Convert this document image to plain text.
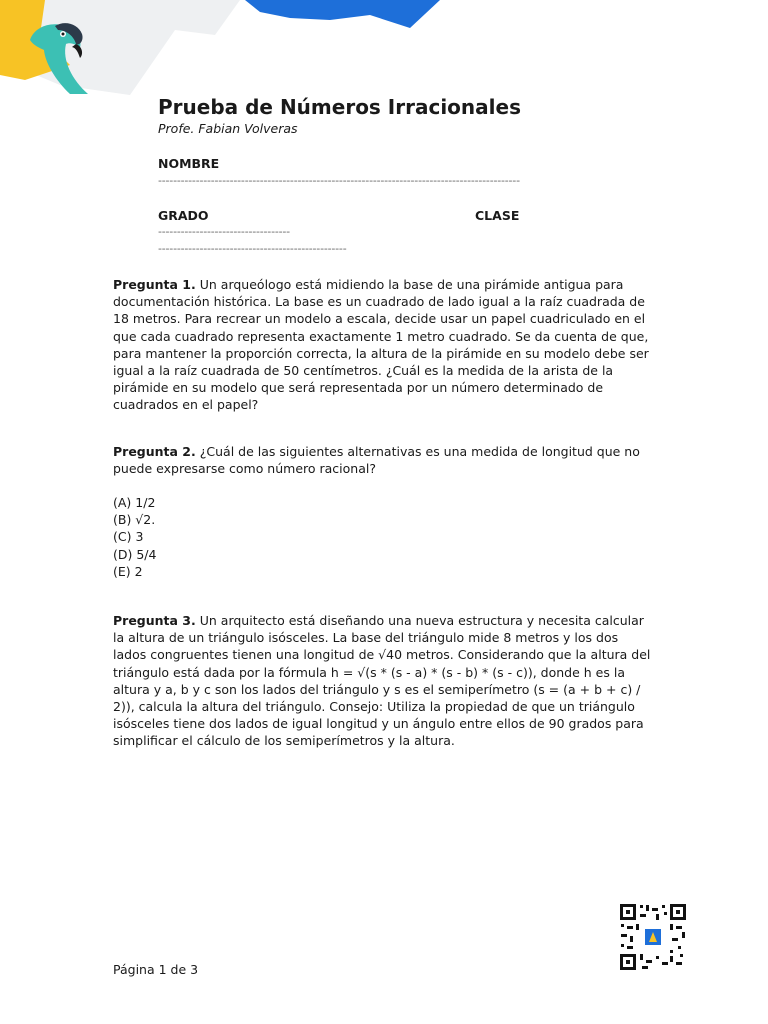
Prueba de Números Irracionales
Profe. Fabian Volveras
NOMBRE
------------------------------------------------------------------------------------------------
GRADO	CLASE
-----------------------------------
--------------------------------------------------
Pregunta 1. Un arqueólogo está midiendo la base de una pirámide antigua para documentación histórica. La base es un cuadrado de lado igual a la raíz cuadrada de 18 metros. Para recrear un modelo a escala, decide usar un papel cuadriculado en el que cada cuadrado representa exactamente 1 metro cuadrado. Se da cuenta de que, para mantener la proporción correcta, la altura de la pirámide en su modelo debe ser igual a la raíz cuadrada de 50 centímetros. ¿Cuál es la medida de la arista de la pirámide en su modelo que será representada por un número determinado de cuadrados en el papel?
Pregunta 2. ¿Cuál de las siguientes alternativas es una medida de longitud que no puede expresarse como número racional?
(A) 1/2
(B) √2.
(C) 3
(D) 5/4
(E) 2
Pregunta 3. Un arquitecto está diseñando una nueva estructura y necesita calcular la altura de un triángulo isósceles. La base del triángulo mide 8 metros y los dos lados congruentes tienen una longitud de √40 metros. Considerando que la altura del triángulo está dada por la fórmula h = √(s * (s - a) * (s - b) * (s - c)), donde h es la altura y a, b y c son los lados del triángulo y s es el semiperímetro (s = (a + b + c) / 2)), calcula la altura del triángulo. Consejo: Utiliza la propiedad de que un triángulo isósceles tiene dos lados de igual longitud y un ángulo entre ellos de 90 grados para simplificar el cálculo de los semiperímetros y la altura.
Página 1 de 3
